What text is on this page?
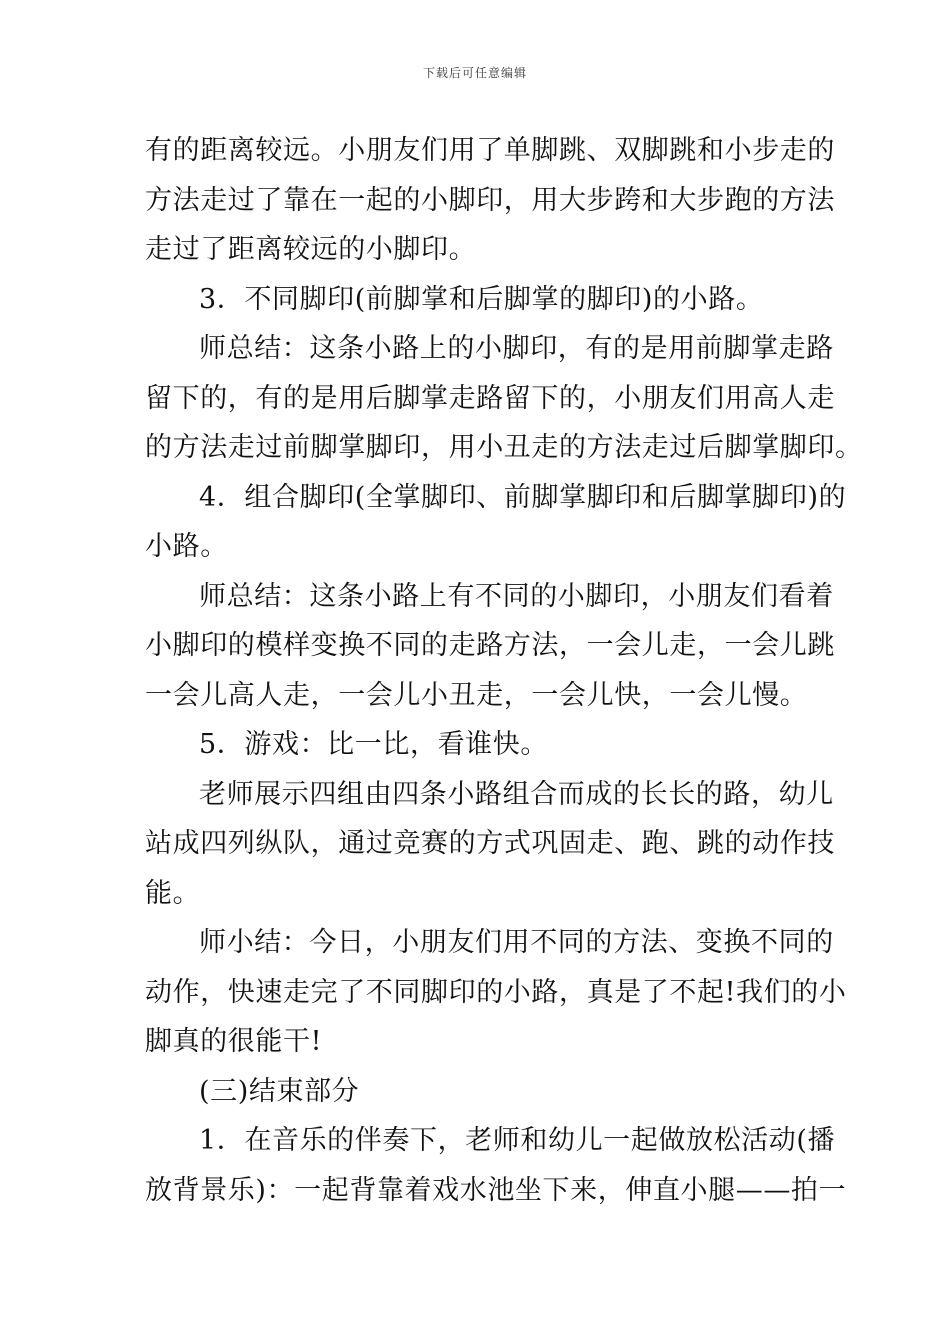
下载后可任意编辑
有的距离较远。小朋友们用了单脚跳、双脚跳和小步走的
方法走过了靠在一起的小脚印，用大步跨和大步跑的方法
走过了距离较远的小脚印。
3．不同脚印(前脚掌和后脚掌的脚印)的小路。
师总结：这条小路上的小脚印，有的是用前脚掌走路
留下的，有的是用后脚掌走路留下的，小朋友们用高人走
的方法走过前脚掌脚印，用小丑走的方法走过后脚掌脚印。
4．组合脚印(全掌脚印、前脚掌脚印和后脚掌脚印)的
小路。
师总结：这条小路上有不同的小脚印，小朋友们看着
小脚印的模样变换不同的走路方法，一会儿走，一会儿跳
一会儿高人走，一会儿小丑走，一会儿快，一会儿慢。
5．游戏：比一比，看谁快。
老师展示四组由四条小路组合而成的长长的路，幼儿
站成四列纵队，通过竞赛的方式巩固走、跑、跳的动作技
能。
师小结：今日，小朋友们用不同的方法、变换不同的
动作，快速走完了不同脚印的小路，真是了不起!我们的小
脚真的很能干!
(三)结束部分
1．在音乐的伴奏下，老师和幼儿一起做放松活动(播
放背景乐)：一起背靠着戏水池坐下来，伸直小腿——拍一
